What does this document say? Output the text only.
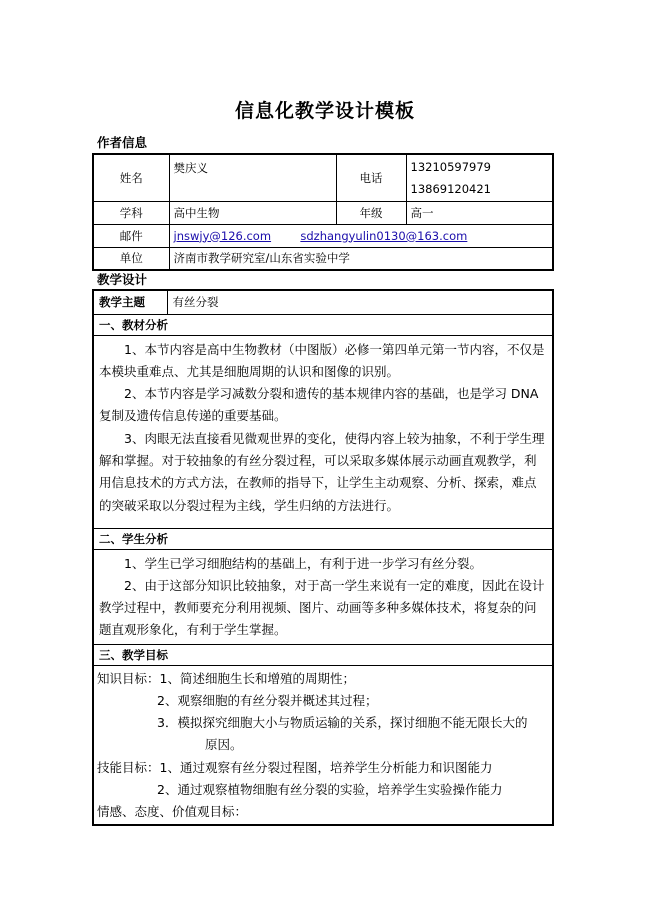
信息化教学设计模板
作者信息
姓名	樊庆义	电话	13210597979
13869120421

学科	高中生物	年级	高一
邮件	jnswjy@126.com sdzhangyulin0130@163.com		
单位	济南市教学研究室/山东省实验中学		
教学设计
教学主题	有丝分裂
一、教材分析

1、本节内容是高中生物教材（中图版）必修一第四单元第一节内容，不仅是本模块重难点、尤其是细胞周期的认识和图像的识别。

2、本节内容是学习减数分裂和遗传的基本规律内容的基础，也是学习 DNA 复制及遗传信息传递的重要基础。

3、肉眼无法直接看见微观世界的变化，使得内容上较为抽象，不利于学生理解和掌握。对于较抽象的有丝分裂过程，可以采取多媒体展示动画直观教学，利用信息技术的方式方法，在教师的指导下，让学生主动观察、分析、探索，难点的突破采取以分裂过程为主线，学生归纳的方法进行。

二、学生分析

1、学生已学习细胞结构的基础上，有利于进一步学习有丝分裂。

2、由于这部分知识比较抽象，对于高一学生来说有一定的难度，因此在设计教学过程中，教师要充分利用视频、图片、动画等多种多媒体技术，将复杂的问题直观形象化，有利于学生掌握。

三、教学目标

知识目标：1、简述细胞生长和增殖的周期性；

2、观察细胞的有丝分裂并概述其过程；

3．模拟探究细胞大小与物质运输的关系，探讨细胞不能无限长大的

原因。

技能目标：1、通过观察有丝分裂过程图，培养学生分析能力和识图能力

2、通过观察植物细胞有丝分裂的实验，培养学生实验操作能力

情感、态度、价值观目标：
